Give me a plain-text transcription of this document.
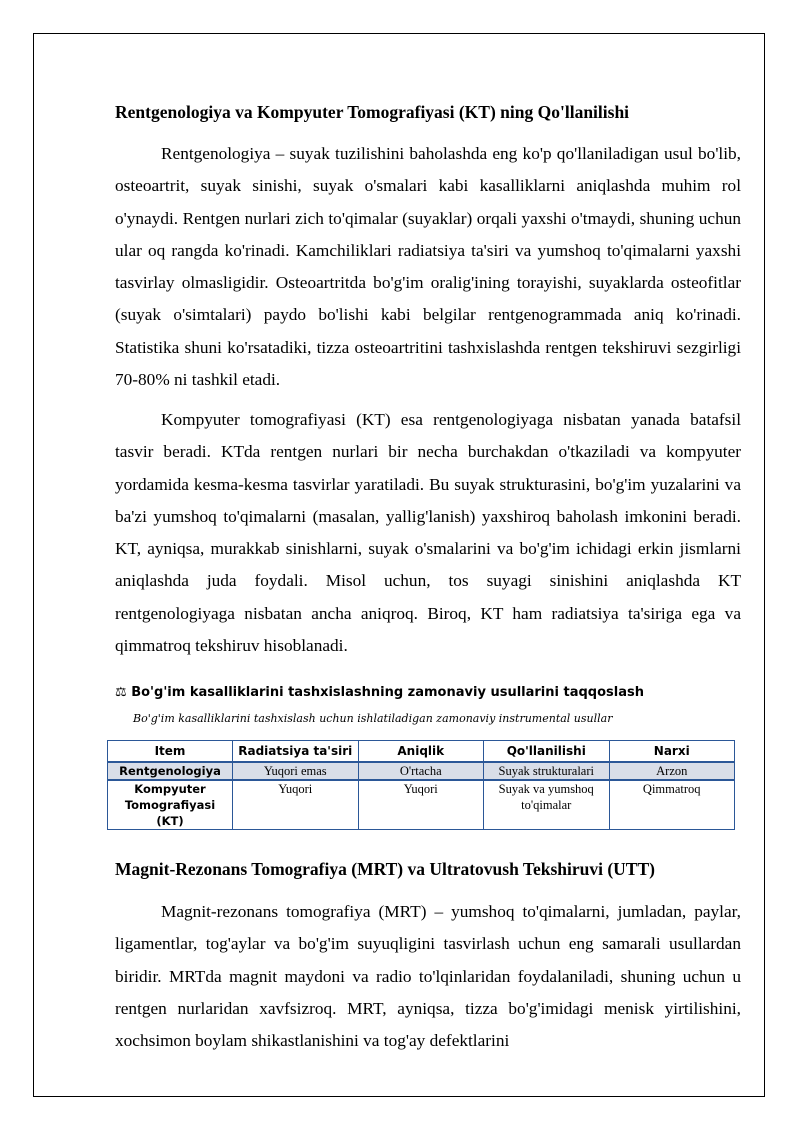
Rentgenologiya va Kompyuter Tomografiyasi (KT) ning Qo'llanilishi

Rentgenologiya – suyak tuzilishini baholashda eng ko'p qo'llaniladigan usul bo'lib, osteoartrit, suyak sinishi, suyak o'smalari kabi kasalliklarni aniqlashda muhim rol o'ynaydi. Rentgen nurlari zich to'qimalar (suyaklar) orqali yaxshi o'tmaydi, shuning uchun ular oq rangda ko'rinadi. Kamchiliklari radiatsiya ta'siri va yumshoq to'qimalarni yaxshi tasvirlay olmasligidir. Osteoartritda bo'g'im oralig'ining torayishi, suyaklarda osteofitlar (suyak o'simtalari) paydo bo'lishi kabi belgilar rentgenogrammada aniq ko'rinadi. Statistika shuni ko'rsatadiki, tizza osteoartritini tashxislashda rentgen tekshiruvi sezgirligi 70-80% ni tashkil etadi.

Kompyuter tomografiyasi (KT) esa rentgenologiyaga nisbatan yanada batafsil tasvir beradi. KTda rentgen nurlari bir necha burchakdan o'tkaziladi va kompyuter yordamida kesma-kesma tasvirlar yaratiladi. Bu suyak strukturasini, bo'g'im yuzalarini va ba'zi yumshoq to'qimalarni (masalan, yallig'lanish) yaxshiroq baholash imkonini beradi. KT, ayniqsa, murakkab sinishlarni, suyak o'smalarini va bo'g'im ichidagi erkin jismlarni aniqlashda juda foydali. Misol uchun, tos suyagi sinishini aniqlashda KT rentgenologiyaga nisbatan ancha aniqroq. Biroq, KT ham radiatsiya ta'siriga ega va qimmatroq tekshiruv hisoblanadi.

⚖ Bo'g'im kasalliklarini tashxislashning zamonaviy usullarini taqqoslash
Bo'g'im kasalliklarini tashxislash uchun ishlatiladigan zamonaviy instrumental usullar
Item	Radiatsiya ta'siri	Aniqlik	Qo'llanilishi	Narxi
Rentgenologiya	Yuqori emas	O'rtacha	Suyak strukturalari	Arzon
Kompyuter Tomografiyasi (KT)	Yuqori	Yuqori	Suyak va yumshoq to'qimalar	Qimmatroq
Magnit-Rezonans Tomografiya (MRT) va Ultratovush Tekshiruvi (UTT)

Magnit-rezonans tomografiya (MRT) – yumshoq to'qimalarni, jumladan, paylar, ligamentlar, tog'aylar va bo'g'im suyuqligini tasvirlash uchun eng samarali usullardan biridir. MRTda magnit maydoni va radio to'lqinlaridan foydalaniladi, shuning uchun u rentgen nurlaridan xavfsizroq. MRT, ayniqsa, tizza bo'g'imidagi menisk yirtilishini, xochsimon boylam shikastlanishini va tog'ay defektlarini
